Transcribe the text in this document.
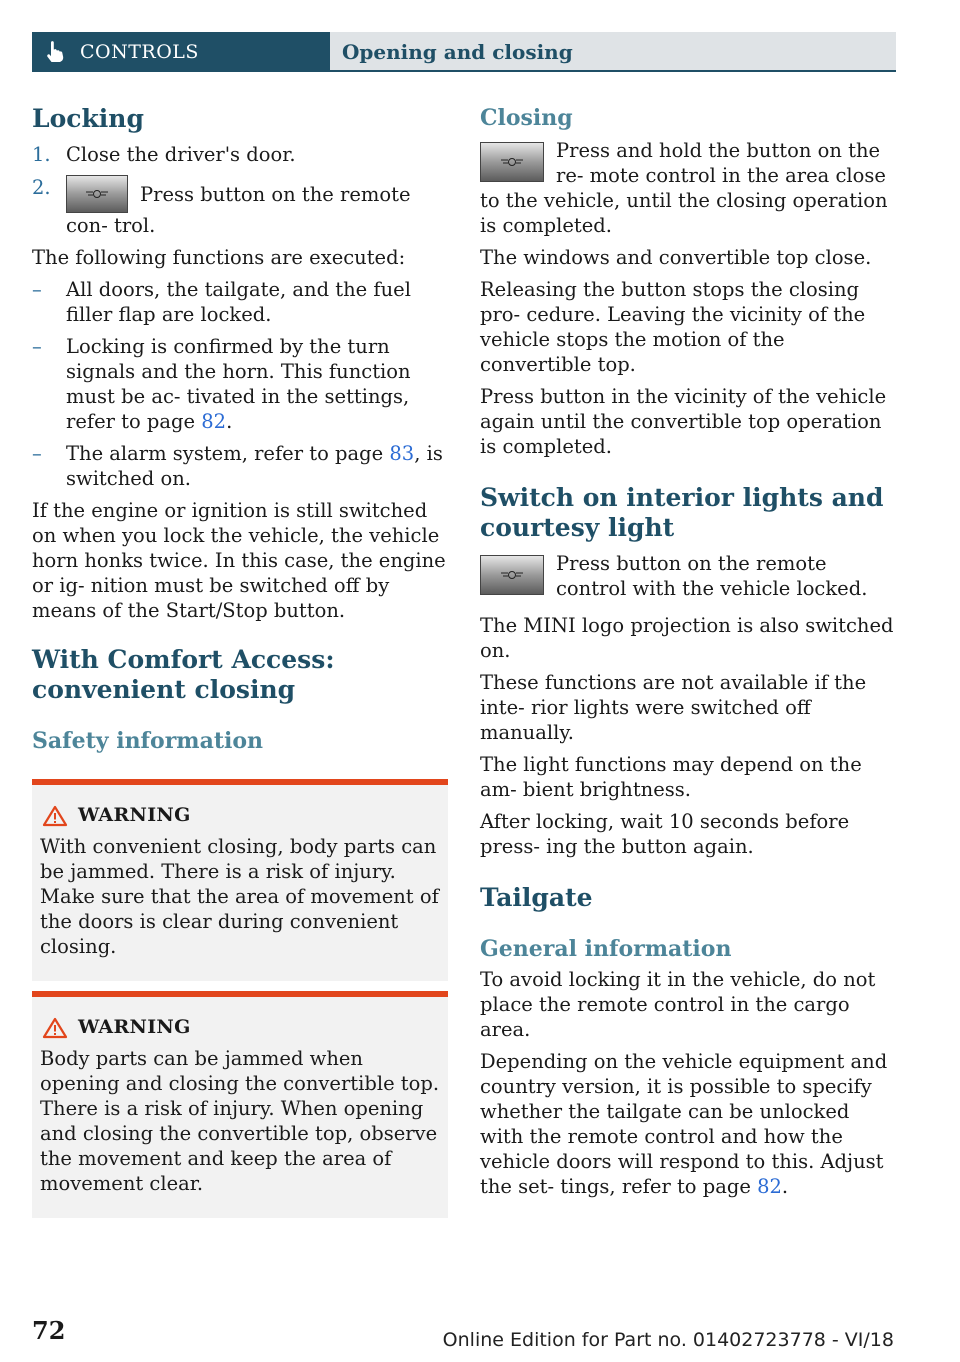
CONTROLS	Opening and closing
Locking
1. Close the driver's door.
2.	Press button on the remote con- trol.

The following functions are executed:

– All doors, the tailgate, and the fuel filler flap are locked.
– Locking is confirmed by the turn signals and the horn. This function must be ac- tivated in the settings, refer to page 82.
– The alarm system, refer to page 83, is switched on.

If the engine or ignition is still switched on when you lock the vehicle, the vehicle horn honks twice. In this case, the engine or ig- nition must be switched off by means of the Start/Stop button.

With Comfort Access: convenient closing
Safety information
WARNING
With convenient closing, body parts can be jammed. There is a risk of injury. Make sure that the area of movement of the doors is clear during convenient closing.
WARNING
Body parts can be jammed when opening and closing the convertible top. There is a risk of injury. When opening and closing the convertible top, observe the movement and keep the area of movement clear.
Closing
Press and hold the button on the re- mote control in the area close to the vehicle, until the closing operation is completed.

The windows and convertible top close.

Releasing the button stops the closing pro- cedure. Leaving the vicinity of the vehicle stops the motion of the convertible top.

Press button in the vicinity of the vehicle again until the convertible top operation is completed.

Switch on interior lights and courtesy light
Press button on the remote control with the vehicle locked.

The MINI logo projection is also switched on.

These functions are not available if the inte- rior lights were switched off manually.

The light functions may depend on the am- bient brightness.

After locking, wait 10 seconds before press- ing the button again.

Tailgate
General information

To avoid locking it in the vehicle, do not place the remote control in the cargo area.

Depending on the vehicle equipment and country version, it is possible to specify whether the tailgate can be unlocked with the remote control and how the vehicle doors will respond to this. Adjust the set- tings, refer to page 82.

72	Online Edition for Part no. 01402723778 - VI/18
